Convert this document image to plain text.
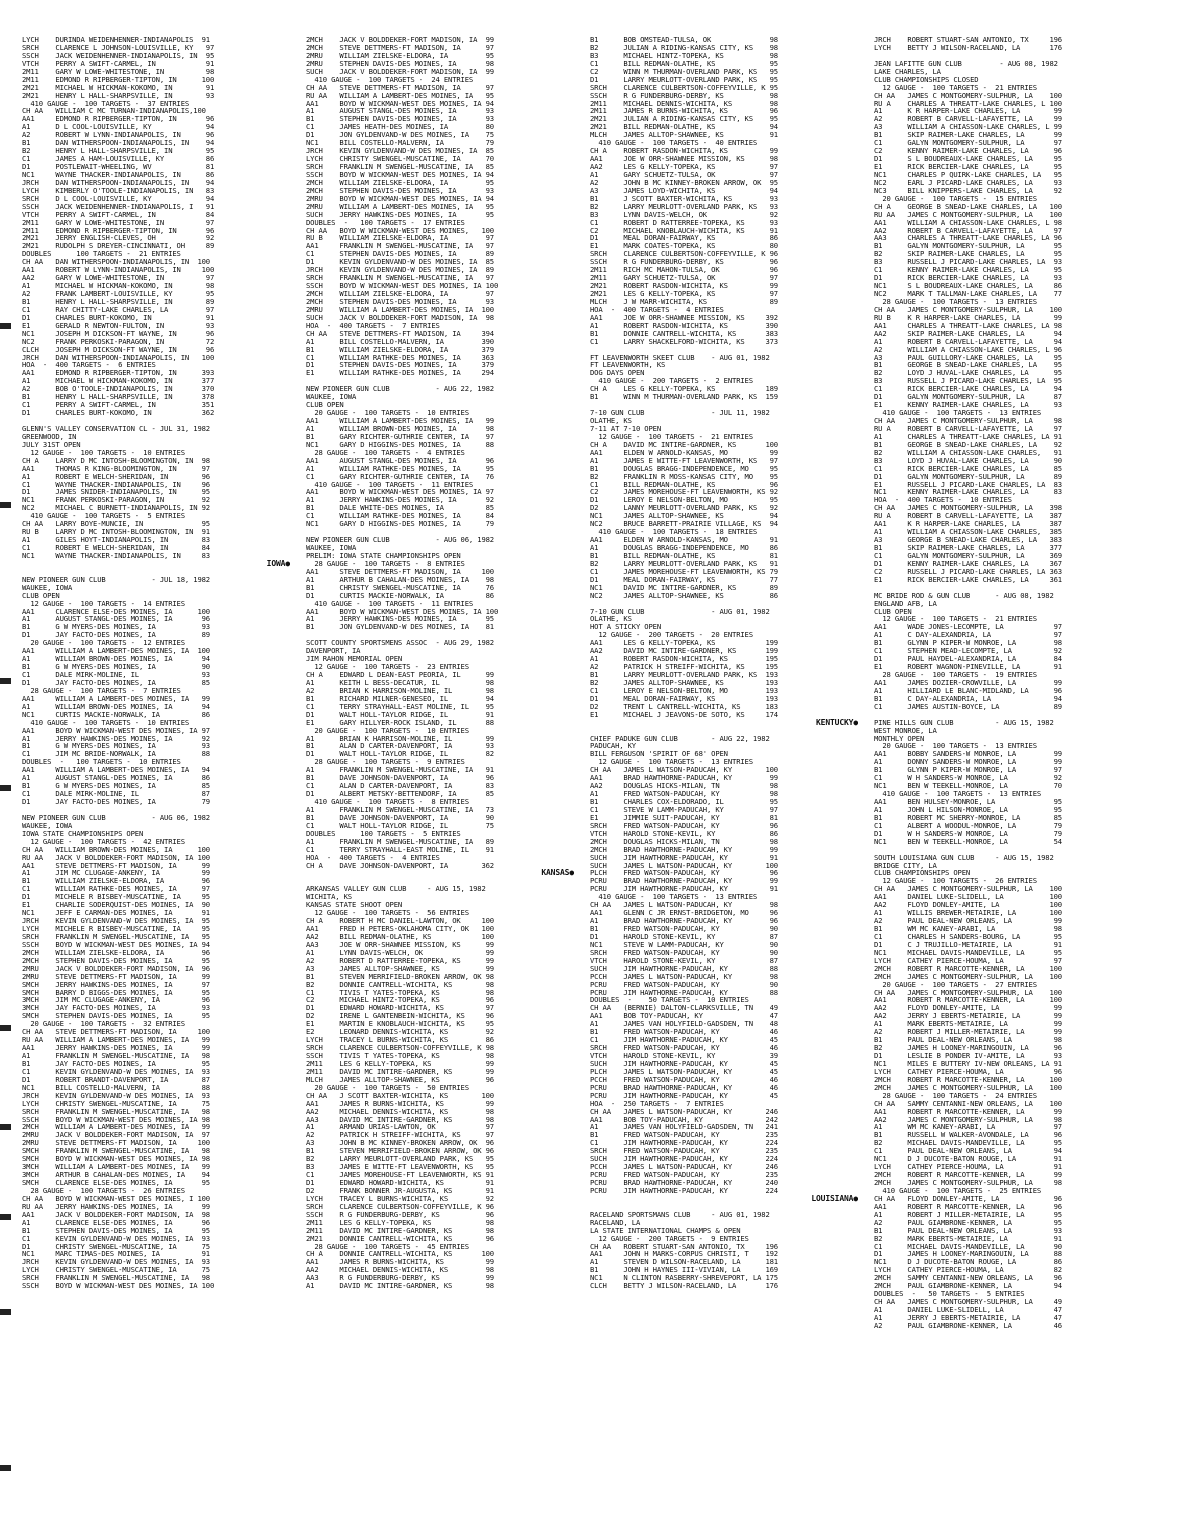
LYCH    DURINDA WEIDENHENNER-INDIANAPOLIS  91
SRCH    CLARENCE L JOHNSON-LOUISVILLE, KY   97
SSCH    JACK WEIDENHENNER-INDIANAPOLIS, IN  95
VTCH    PERRY A SWIFT-CARMEL, IN            91
2M11    GARY W LOWE-WHITESTONE, IN          98
2M11    EDMOND R RIPBERGER-TIPTON, IN      100
2M21    MICHAEL W HICKMAN-KOKOMO, IN        91
2M21    HENRY L HALL-SHARPSVILLE, IN        93
410 GAUGE -  100 TARGETS -  37 ENTRIES
CH AA   WILLIAM C MC TURNAN-INDIANAPOLIS,100
AA1     EDMOND R RIPBERGER-TIPTON, IN       96
A1      D L COOL-LOUISVILLE, KY             94
A2      ROBERT W LYNN-INDIANAPOLIS, IN      96
B1      DAN WITHERSPOON-INDIANAPOLIS, IN    94
B2      HENRY L HALL-SHARPSVILLE, IN        95
C1      JAMES A HAM-LOUISVILLE, KY          86
D1      POSTLEWAIT-WHEELING, WV             81
NC1     WAYNE THACKER-INDIANAPOLIS, IN      86
JRCH    DAN WITHERSPOON-INDIANAPOLIS, IN    94
LYCH    KIMBERLY O'TOOLE-INDIANAPOLIS, IN   83
SRCH    D L COOL-LOUISVILLE, KY             94
SSCH    JACK WEIDENHENNER-INDIANAPOLIS, I   91
VTCH    PERRY A SWIFT-CARMEL, IN            84
2M11    GARY W LOWE-WHITESTONE, IN          97
2M11    EDMOND R RIPBERGER-TIPTON, IN       96
2M21    JERRY ENGLISH-CLEVES, OH            92
2M21    RUDOLPH S DREYER-CINCINNATI, OH     89
DOUBLES      100 TARGETS -  21 ENTRIES
CH AA   DAN WITHERSPOON-INDIANAPOLIS, IN  100
AA1     ROBERT W LYNN-INDIANAPOLIS, IN     100
AA2     GARY W LOWE-WHITESTONE, IN          97
A1      MICHAEL W HICKMAN-KOKOMO, IN        98
A2      FRANK LAMBERT-LOUISVILLE, KY        95
B1      HENRY L HALL-SHARPSVILLE, IN        89
C1      RAY CHITTY-LAKE CHARLES, LA         97
D1      CHARLES BURT-KOKOMO, IN             91
E1      GERALD R NEWTON-FULTON, IN          93
NC1     JOSEPH M DICKSON-FT WAYNE, IN       96
NC2     FRANK PERKOSKI-PARAGON, IN          72
CLCH    JOSEPH M DICKSON-FT WAYNE, IN       96
JRCH    DAN WITHERSPOON-INDIANAPOLIS, IN   100
HOA  -  400 TARGETS -  6 ENTRIES
AA1     EDMOND R RIPBERGER-TIPTON, IN      393
A1      MICHAEL W HICKMAN-KOKOMO, IN       377
A2      BOB O'TOOLE-INDIANAPOLIS, IN       370
B1      HENRY L HALL-SHARPSVILLE, IN       378
C1      PERRY A SWIFT-CARMEL, IN           351
D1      CHARLES BURT-KOKOMO, IN            362
GLENN'S VALLEY CONSERVATION CL - JUL 31, 1982
GREENWOOD, IN
JULY 31ST OPEN
12 GAUGE -  100 TARGETS -  10 ENTRIES
CH A    LARRY D MC INTOSH-BLOOMINGTON, IN  98
AA1     THOMAS R KING-BLOOMINGTON, IN      97
A1      ROBERT E WELCH-SHERIDAN, IN        96
C1      WAYNE THACKER-INDIANAPOLIS, IN     96
D1      JAMES SNIDER-INDIANAPOLIS, IN      95
NC1     FRANK PERKOSKI-PARAGON, IN         92
NC2     MICHAEL C BURNETT-INDIANAPOLIS, IN 92
410 GAUGE -  100 TARGETS -  5 ENTRIES
CH AA   LARRY BOYE-MUNCIE, IN              95
RU B    LARRY D MC INTOSH-BLOOMINGTON, IN  91
A1      GILES HOYT-INDIANAPOLIS, IN        83
C1      ROBERT E WELCH-SHERIDAN, IN        84
NC1     WAYNE THACKER-INDIANAPOLIS, IN     83
IOWA●
NEW PIONEER GUN CLUB           - JUL 18, 1982
WAUKEE, IOWA
CLUB OPEN
12 GAUGE -  100 TARGETS -  14 ENTRIES
AA1     CLARENCE ELSE-DES MOINES, IA      100
A1      AUGUST STANGL-DES MOINES, IA       96
B1      G W MYERS-DES MOINES, IA           93
D1      JAY FACTO-DES MOINES, IA           89
20 GAUGE -  100 TARGETS -  12 ENTRIES
AA1     WILLIAM A LAMBERT-DES MOINES, IA  100
A1      WILLIAM BROWN-DES MOINES, IA       94
B1      G W MYERS-DES MOINES, IA           90
C1      DALE MIRK-MOLINE, IL               93
D1      JAY FACTO-DES MOINES, IA           85
28 GAUGE -  100 TARGETS -  7 ENTRIES
AA1     WILLIAM A LAMBERT-DES MOINES, IA   99
A1      WILLIAM BROWN-DES MOINES, IA       94
NC1     CURTIS MACKIE-NORWALK, IA          86
410 GAUGE -  100 TARGETS -  10 ENTRIES
AA1     BOYD W WICKMAN-WEST DES MOINES, IA 97
A1      JERRY HAWKINS-DES MOINES, IA       92
B1      G W MYERS-DES MOINES, IA           93
C1      JIM MC BRIDE-NORWALK, IA           88
DOUBLES  -   100 TARGETS -  10 ENTRIES
AA1     WILLIAM A LAMBERT-DES MOINES, IA   94
A1      AUGUST STANGL-DES MOINES, IA       86
B1      G W MYERS-DES MOINES, IA           85
C1      DALE MIRK-MOLINE, IL               87
D1      JAY FACTO-DES MOINES, IA           79
NEW PIONEER GUN CLUB           - AUG 06, 1982
WAUKEE, IOWA
IOWA STATE CHAMPIONSHIPS OPEN
12 GAUGE -  100 TARGETS -  42 ENTRIES
CH AA   WILLIAM BROWN-DES MOINES, IA      100
RU AA   JACK V BOLDDEKER-FORT MADISON, IA 100
AA1     STEVE DETTMERS-FT MADISON, IA      99
A1      JIM MC CLUGAGE-ANKENY, IA          99
B1      WILLIAM ZIELSKE-ELDORA, IA         96
C1      WILLIAM RATHKE-DES MOINES, IA      97
D1      MICHELE R BISBEY-MUSCATINE, IA     95
E1      CHARLIE SODERQUIST-DES MOINES, IA  90
NC1     JEFF E CARMAN-DES MOINES, IA       91
JRCH    KEVIN GYLDENVAND-W DES MOINES, IA  95
LYCH    MICHELE R BISBEY-MUSCATINE, IA     95
SRCH    FRANKLIN M SWENGEL-MUSCATINE, IA   95
SSCH    BOYD W WICKMAN-WEST DES MOINES, IA 94
2MCH    WILLIAM ZIELSKE-ELDORA, IA         96
2MCH    STEPHEN DAVIS-DES MOINES, IA       95
2MRU    JACK V BOLDDEKER-FORT MADISON, IA  96
2MRU    STEVE DETTMERS-FT MADISON, IA      99
SMCH    JERRY HAWKINS-DES MOINES, IA       97
SMCH    BARRY D BIGGS-DES MOINES, IA       95
3MCH    JIM MC CLUGAGE-ANKENY, IA          96
3MCH    JAY FACTO-DES MOINES, IA           93
SMCH    STEPHEN DAVIS-DES MOINES, IA       95
20 GAUGE -  100 TARGETS -  32 ENTRIES
CH AA   STEVE DETTMERS-FT MADISON, IA     100
RU AA   WILLIAM A LAMBERT-DES MOINES, IA   99
AA1     JERRY HAWKINS-DES MOINES, IA       99
A1      FRANKLIN M SWENGEL-MUSCATINE, IA   98
B1      JAY FACTO-DES MOINES, IA           95
C1      KEVIN GYLDENVAND-W DES MOINES, IA  93
D1      ROBERT BRANDT-DAVENPORT, IA        87
NC1     BILL COSTELLO-MALVERN, IA          88
JRCH    KEVIN GYLDENVAND-W DES MOINES, IA  93
LYCH    CHRISTY SWENGEL-MUSCATINE, IA      75
SRCH    FRANKLIN M SWENGEL-MUSCATINE, IA   98
SSCH    BOYD W WICKMAN-WEST DES MOINES, IA 98
2MCH    WILLIAM A LAMBERT-DES MOINES, IA   99
2MRU    JACK V BOLDDEKER-FORT MADISON, IA  97
2MRU    STEVE DETTMERS-FT MADISON, IA     100
SMCH    FRANKLIN M SWENGEL-MUSCATINE, IA   98
SMCH    BOYD W WICKMAN-WEST DES MOINES, IA 98
3MCH    WILLIAM A LAMBERT-DES MOINES, IA   99
3MCH    ARTHUR B CAHALAN-DES MOINES, IA    94
SMCH    CLARENCE ELSE-DES MOINES, IA       95
28 GAUGE -  100 TARGETS -  26 ENTRIES
CH AA   BOYD W WICKMAN-WEST DES MOINES, I 100
RU AA   JERRY HAWKINS-DES MOINES, IA       99
AA1     JACK V BOLDDEKER-FORT MADISON, IA  98
A1      CLARENCE ELSE-DES MOINES, IA       96
B1      STEPHEN DAVIS-DES MOINES, IA       95
C1      KEVIN GYLDENVAND-W DES MOINES, IA  93
D1      CHRISTY SWENGEL-MUSCATINE, IA      75
NC1     MARC TIMAS-DES MOINES, IA          91
JRCH    KEVIN GYLDENVAND-W DES MOINES, IA  93
LYCH    CHRISTY SWENGEL-MUSCATINE, IA      75
SRCH    FRANKLIN M SWENGEL-MUSCATINE, IA   98
SSCH    BOYD W WICKMAN-WEST DES MOINES, IA 100
2MCH    JACK V BOLDDEKER-FORT MADISON, IA  99
2MCH    STEVE DETTMERS-FT MADISON, IA      97
2MRU    WILLIAM ZIELSKE-ELDORA, IA         95
2MRU    STEPHEN DAVIS-DES MOINES, IA       98
SUCH    JACK V BOLDDEKER-FORT MADISON, IA  99
410 GAUGE -  100 TARGETS -  24 ENTRIES
CH AA   STEVE DETTMERS-FT MADISON, IA      97
RU AA   WILLIAM A LAMBERT-DES MOINES, IA   95
AA1     BOYD W WICKMAN-WEST DES MOINES, IA 94
A1      AUGUST STANGL-DES MOINES, IA       93
B1      STEPHEN DAVIS-DES MOINES, IA       93
C1      JAMES HEATH-DES MOINES, IA         80
D1      JON GYLDENVAND-W DES MOINES, IA    75
NC1     BILL COSTELLO-MALVERN, IA          79
JRCH    KEVIN GYLDENVAND-W DES MOINES, IA  85
LYCH    CHRISTY SWENGEL-MUSCATINE, IA      70
SRCH    FRANKLIN M SWENGEL-MUSCATINE, IA   85
SSCH    BOYD W WICKMAN-WEST DES MOINES, IA 94
2MCH    WILLIAM ZIELSKE-ELDORA, IA         95
2MCH    STEPHEN DAVIS-DES MOINES, IA       93
2MRU    BOYD W WICKMAN-WEST DES MOINES, IA 94
2MRU    WILLIAM A LAMBERT-DES MOINES, IA   95
SUCH    JERRY HAWKINS-DES MOINES, IA       95
DOUBLES  -   100 TARGETS -  17 ENTRIES
CH AA   BOYD W WICKMAN-WEST DES MOINES,   100
RU B    WILLIAM ZIELSKE-ELDORA, IA         97
AA1     FRANKLIN M SWENGEL-MUSCATINE, IA   97
C1      STEPHEN DAVIS-DES MOINES, IA       89
D1      KEVIN GYLDENVAND-W DES MOINES, IA  85
JRCH    KEVIN GYLDENVAND-W DES MOINES, IA  89
SRCH    FRANKLIN M SWENGEL-MUSCATINE, IA   97
SSCH    BOYD W WICKMAN-WEST DES MOINES, IA 100
2MCH    WILLIAM ZIELSKE-ELDORA, IA         97
2MCH    STEPHEN DAVIS-DES MOINES, IA       93
2MRU    WILLIAM A LAMBERT-DES MOINES, IA  100
SUCH    JACK V BOLDDEKER-FORT MADISON, IA  98
HOA  -  400 TARGETS -  7 ENTRIES
CH AA   STEVE DETTMERS-FT MADISON, IA     394
A1      BILL COSTELLO-MALVERN, IA         390
B1      WILLIAM ZIELSKE-ELDORA, IA        379
C1      WILLIAM RATHKE-DES MOINES, IA     363
D1      STEPHEN DAVIS-DES MOINES, IA      379
E1      WILLIAM RATHKE-DES MOINES, IA     294
NEW PIONEER GUN CLUB           - AUG 22, 1982
WAUKEE, IOWA
CLUB OPEN
20 GAUGE -  100 TARGETS -  10 ENTRIES
AA1     WILLIAM A LAMBERT-DES MOINES, IA   99
A1      WILLIAM BROWN-DES MOINES, IA       98
B1      GARY RICHTER-GUTHRIE CENTER, IA    97
NC1     GARY D HIGGINS-DES MOINES, IA      88
28 GAUGE -  100 TARGETS -  4 ENTRIES
AA1     AUGUST STANGL-DES MOINES, IA       96
A1      WILLIAM RATHKE-DES MOINES, IA      95
C1      GARY RICHTER-GUTHRIE CENTER, IA    76
410 GAUGE -  100 TARGETS -  11 ENTRIES
AA1     BOYD W WICKMAN-WEST DES MOINES, IA 97
A1      JERRY HAWKINS-DES MOINES, IA       92
B1      DALE WHITE-DES MOINES, IA          85
C1      WILLIAM RATHKE-DES MOINES, IA      84
NC1     GARY D HIGGINS-DES MOINES, IA      79
NEW PIONEER GUN CLUB           - AUG 06, 1982
WAUKEE, IOWA
PRELIM: IOWA STATE CHAMPIONSHIPS OPEN
28 GAUGE -  100 TARGETS -  8 ENTRIES
AA1     STEVE DETTMERS-FT MADISON, IA     100
A1      ARTHUR B CAHALAN-DES MOINES, IA    98
B1      CHRISTY SWENGEL-MUSCATINE, IA      76
D1      CURTIS MACKIE-NORWALK, IA          86
410 GAUGE -  100 TARGETS -  11 ENTRIES
AA1     BOYD W WICKMAN-WEST DES MOINES, IA 100
A1      JERRY HAWKINS-DES MOINES, IA       95
B1      JON GYLDENVAND-W DES MOINES, IA    81
SCOTT COUNTY SPORTSMENS ASSOC  - AUG 29, 1982
DAVENPORT, IA
JIM RAHON MEMORIAL OPEN
12 GAUGE -  100 TARGETS -  23 ENTRIES
CH A    EDWARD L DEAN-EAST PEORIA, IL      99
A1      KEITH L BESS-DECATUR, IL           98
A2      BRIAN K HARRISON-MOLINE, IL        98
B1      RICHARD MILNER-GENESEO, IL         94
C1      TERRY STRAYHALL-EAST MOLINE, IL    95
D1      WALT HOLL-TAYLOR RIDGE, IL         91
E1      GARY HILLYER-ROCK ISLAND, IL       88
20 GAUGE -  100 TARGETS -  10 ENTRIES
A1      BRIAN K HARRISON-MOLINE, IL        99
B1      ALAN D CARTER-DAVENPORT, IA        93
D1      WALT HOLL-TAYLOR RIDGE, IL         82
28 GAUGE -  100 TARGETS -  9 ENTRIES
A1      FRANKLIN M SWENGEL-MUSCATINE, IA   91
B1      DAVE JOHNSON-DAVENPORT, IA         96
C1      ALAN D CARTER-DAVENPORT, IA        83
D1      ALBERT METSKY-BETTENDORF, IA       85
410 GAUGE -  100 TARGETS -  8 ENTRIES
A1      FRANKLIN M SWENGEL-MUSCATINE, IA   73
B1      DAVE JOHNSON-DAVENPORT, IA         90
C1      WALT HOLL-TAYLOR RIDGE, IL         75
DOUBLES      100 TARGETS -  5 ENTRIES
A1      FRANKLIN M SWENGEL-MUSCATINE, IA   89
C1      TERRY STRAYHALL-EAST MOLINE, IL    91
HOA  -  400 TARGETS -  4 ENTRIES
CH A    DAVE JOHNSON-DAVENPORT, IA        362
KANSAS●
ARKANSAS VALLEY GUN CLUB     - AUG 15, 1982
WICHITA, KS
KANSAS STATE SHOOT OPEN
12 GAUGE -  100 TARGETS -  56 ENTRIES
CH A    ROBERT H MC DANIEL-LAWTON, OK     100
AA1     FRED H PETERS-OKLAHOMA CITY, OK   100
AA2     BILL REDMAN-OLATHE, KS            100
AA3     JOE W ORR-SHAWNEE MISSION, KS      99
A1      LYNN DAVIS-WELCH, OK               99
A2      ROBERT D RATTERREE-TOPEKA, KS      99
A3      JAMES ALLTOP-SHAWNEE, KS           99
B1      STEVEN MERRIFIELD-BROKEN ARROW, OK 98
B2      DONNIE CANTRELL-WICHITA, KS        98
C1      TIVIS T YATES-TOPEKA, KS           98
C2      MICHAEL HINTZ-TOPEKA, KS           96
D1      EDWARD HOWARD-WICHITA, KS          97
D2      IRENE L GANTENBEIN-WICHITA, KS     96
E1      MARTIN E KNOBLAUCH-WICHITA, KS     95
E2      LEONARD DENNIS-WICHITA, KS         92
LYCH    TRACEY L BURNS-WICHITA, KS         86
SRCH    CLARENCE CULBERTSON-COFFEYVILLE, K 98
SSCH    TIVIS T YATES-TOPEKA, KS           98
2M11    LES G KELLY-TOPEKA, KS             99
2M11    DAVID MC INTIRE-GARDNER, KS        99
MLCH    JAMES ALLTOP-SHAWNEE, KS           96
20 GAUGE -  100 TARGETS -  50 ENTRIES
CH AA   J SCOTT BAXTER-WICHITA, KS        100
AA1     JAMES R BURNS-WICHITA, KS          99
AA2     MICHAEL DENNIS-WICHITA, KS         98
AA3     DAVID MC INTIRE-GARDNER, KS        98
A1      ARMAND URIAS-LAWTON, OK            97
A2      PATRICK H STREIFF-WICHITA, KS      97
A3      JOHN B MC KINNEY-BROKEN ARROW, OK  96
B1      STEVEN MERRIFIELD-BROKEN ARROW, OK 96
B2      LARRY MEURLOTT-OVERLAND PARK, KS   95
B3      JAMES E WITTE-FT LEAVENWORTH, KS   95
C1      JAMES MOREHOUSE-FT LEAVENWORTH, KS 91
D1      EDWARD HOWARD-WICHITA, KS          91
D2      FRANK BONNER JR-AUGUSTA, KS        91
LYCH    TRACEY L BURNS-WICHITA, KS         92
SRCH    CLARENCE CULBERTSON-COFFEYVILLE, K 96
SSCH    R G FUNDERBURG-DERBY, KS           96
2M11    LES G KELLY-TOPEKA, KS             98
2M11    DAVID MC INTIRE-GARDNER, KS        98
2M21    DONNIE CANTRELL-WICHITA, KS        96
28 GAUGE -  100 TARGETS -  45 ENTRIES
CH A    DONNIE CANTRELL-WICHITA, KS       100
AA1     JAMES R BURNS-WICHITA, KS          99
AA2     MICHAEL DENNIS-WICHITA, KS         98
AA3     R G FUNDERBURG-DERBY, KS           99
A1      DAVID MC INTIRE-GARDNER, KS        98
B1      BOB OMSTEAD-TULSA, OK              98
B2      JULIAN A RIDING-KANSAS CITY, KS    98
B3      MICHAEL HINTZ-TOPEKA, KS           98
C1      BILL REDMAN-OLATHE, KS             95
C2      WINN M THURMAN-OVERLAND PARK, KS   95
D1      LARRY MEURLOTT-OVERLAND PARK, KS   95
SRCH    CLARENCE CULBERTSON-COFFEYVILLE, K 95
SSCH    R G FUNDERBURG-DERBY, KS           98
2M11    MICHAEL DENNIS-WICHITA, KS         98
2M11    JAMES R BURNS-WICHITA, KS          96
2M21    JULIAN A RIDING-KANSAS CITY, KS    95
2M21    BILL REDMAN-OLATHE, KS             94
MLCH    JAMES ALLTOP-SHAWNEE, KS           91
410 GAUGE -  100 TARGETS -  40 ENTRIES
CH A    ROBERT RASDON-WICHITA, KS          99
AA1     JOE W ORR-SHAWNEE MISSION, KS      98
AA2     LES G KELLY-TOPEKA, KS             97
A1      GARY SCHUETZ-TULSA, OK             97
A2      JOHN B MC KINNEY-BROKEN ARROW, OK  95
A3      JAMES LOYD-WICHITA, KS             94
B1      J SCOTT BAXTER-WICHITA, KS         93
B2      LARRY MEURLOTT-OVERLAND PARK, KS   93
B3      LYNN DAVIS-WELCH, OK               92
C1      ROBERT D RATTERREE-TOPEKA, KS      93
C2      MICHAEL KNOBLAUCH-WICHITA, KS      91
D1      MEAL DORAN-FAIRWAY, KS             86
E1      MARK COATES-TOPEKA, KS             80
SRCH    CLARENCE CULBERTSON-COFFEYVILLE, K 96
SSCH    R G FUNDERBURG-DERBY, KS           96
2M11    RICH MC MAHON-TULSA, OK            96
2M11    GARY SCHUETZ-TULSA, OK             97
2M21    ROBERT RASDON-WICHITA, KS          99
2M21    LES G KELLY-TOPEKA, KS             97
MLCH    J W MARR-WICHITA, KS               89
HOA  -  400 TARGETS -  4 ENTRIES
AA1     JOE W ORR-SHAWNEE MISSION, KS     392
A1      ROBERT RASDON-WICHITA, KS         390
B1      DONNIE CANTRELL-WICHITA, KS       383
C1      LARRY SHACKELFORD-WICHITA, KS     373
FT LEAVENWORTH SKEET CLUB    - AUG 01, 1982
FT LEAVENWORTH, KS
DOG DAYS OPEN
410 GAUGE -  200 TARGETS -  2 ENTRIES
CH A    LES G KELLY-TOPEKA, KS            189
B1      WINN M THURMAN-OVERLAND PARK, KS  159
7-10 GUN CLUB                - JUL 11, 1982
OLATHE, KS
7-11 AT 7-10 OPEN
12 GAUGE -  100 TARGETS -  21 ENTRIES
CH A    DAVID MC INTIRE-GARDNER, KS       100
AA1     ELDEN W ARNOLD-KANSAS, MO          99
A1      JAMES E WITTE-FT LEAVENWORTH, KS   97
B1      DOUGLAS BRAGG-INDEPENDENCE, MO     95
B2      FRANKLIN R MOSS-KANSAS CITY, MO    95
C1      BILL REDMAN-OLATHE, KS             96
C2      JAMES MOREHOUSE-FT LEAVENWORTH, KS 92
D1      LEROY E NELSON-BELTON, MO          95
D2      LANNY MEURLOTT-OVERLAND PARK, KS   92
NC1     JAMES ALLTOP-SHAWNEE, KS           94
NC2     BRUCE BARRETT-PRAIRIE VILLAGE, KS  94
410 GAUGE -  100 TARGETS -  18 ENTRIES
AA1     ELDEN W ARNOLD-KANSAS, MO          91
A1      DOUGLAS BRAGG-INDEPENDENCE, MO     86
B1      BILL REDMAN-OLATHE, KS             81
B2      LARRY MEURLOTT-OVERLAND PARK, KS   91
C1      JAMES MOREHOUSE-FT LEAVENWORTH, KS 79
D1      MEAL DORAN-FAIRWAY, KS             77
NC1     DAVID MC INTIRE-GARDNER, KS        89
NC2     JAMES ALLTOP-SHAWNEE, KS           86
7-10 GUN CLUB                - AUG 01, 1982
OLATHE, KS
HOT A STICKY OPEN
12 GAUGE -  200 TARGETS -  20 ENTRIES
AA1     LES G KELLY-TOPEKA, KS            199
AA2     DAVID MC INTIRE-GARDNER, KS       199
A1      ROBERT RASDON-WICHITA, KS         195
A2      PATRICK H STREIFF-WICHITA, KS     195
B1      LARRY MEURLOTT-OVERLAND PARK, KS  193
B2      JAMES ALLTOP-SHAWNEE, KS          193
C1      LEROY E NELSON-BELTON, MO         193
D1      MEAL DORAN-FAIRWAY, KS            193
D2      TRENT L CANTRELL-WICHITA, KS      183
E1      MICHAEL J JEAVONS-DE SOTO, KS     174
KENTUCKY●
CHIEF PADUKE GUN CLUB        - AUG 22, 1982
PADUCAH, KY
BILL FERGUSON 'SPIRIT OF 68' OPEN
12 GAUGE -  100 TARGETS -  13 ENTRIES
CH AA   JAMES L WATSON-PADUCAH, KY        100
AA1     BRAD HAWTHORNE-PADUCAH, KY         99
AA2     DOUGLAS HICKS-MILAN, TN            98
A1      FRED WATSON-PADUCAH, KY            98
B1      CHARLES COX-ELDORADO, IL           95
C1      STEVE W LAMM-PADUCAH, KY           97
E1      JIMMIE SUIT-PADUCAH, KY            81
SRCH    FRED WATSON-PADUCAH, KY            96
VTCH    HAROLD STONE-KEVIL, KY             86
2MCH    DOUGLAS HICKS-MILAN, TN            98
2MCH    BRAD HAWTHORNE-PADUCAH, KY         99
SUCH    JIM HAWTHORNE-PADUCAH, KY          91
SUCH    JAMES L WATSON-PADUCAH, KY        100
PLCH    FRED WATSON-PADUCAH, KY            96
PCRU    BRAD HAWTHORNE-PADUCAH, KY         99
PCRU    JIM HAWTHORNE-PADUCAH, KY          91
410 GAUGE -  100 TARGETS -  13 ENTRIES
CH AA   JAMES L WATSON-PADUCAH, KY         98
AA1     GLENN C JR ERNST-BRIDGETON, MO     96
A1      BRAD HAWTHORNE-PADUCAH, KY         96
B1      FRED WATSON-PADUCAH, KY            90
D1      HAROLD STONE-KEVIL, KY             87
NC1     STEVE W LAMM-PADUCAH, KY           90
SRCH    FRED WATSON-PADUCAH, KY            90
VTCH    HAROLD STONE-KEVIL, KY             87
SUCH    JIM HAWTHORNE-PADUCAH, KY          88
PCCH    JAMES L WATSON-PADUCAH, KY         98
PCRU    FRED WATSON-PADUCAH, KY            90
PCRU    JIM HAWTHORNE-PADUCAH, KY          88
DOUBLES  -    50 TARGETS -  10 ENTRIES
CH AA   (BERNIE) DALTON-CLARKSVILLE, TN    49
AA1     BOB TOY-PADUCAH, KY                47
A1      JAMES VAN HOLYFIELD-GADSDEN, TN    48
B1      FRED WATSON-PADUCAH, KY            46
C1      JIM HAWTHORNE-PADUCAH, KY          45
SRCH    FRED WATSON-PADUCAH, KY            46
VTCH    HAROLD STONE-KEVIL, KY             39
SUCH    JIM HAWTHORNE-PADUCAH, KY          45
PLCH    JAMES L WATSON-PADUCAH, KY         45
PCCH    FRED WATSON-PADUCAH, KY            46
PCRU    BRAD HAWTHORNE-PADUCAH, KY         46
PCRU    JIM HAWTHORNE-PADUCAH, KY          45
HOA  -  250 TARGETS -  7 ENTRIES
CH AA   JAMES L WATSON-PADUCAH, KY        246
AA1     BOB TOY-PADUCAH, KY               242
A1      JAMES VAN HOLYFIELD-GADSDEN, TN   241
B1      FRED WATSON-PADUCAH, KY           235
C1      JIM HAWTHORNE-PADUCAH, KY         224
SRCH    FRED WATSON-PADUCAH, KY           235
SUCH    JIM HAWTHORNE-PADUCAH, KY         224
PCCH    JAMES L WATSON-PADUCAH, KY        246
PCRU    FRED WATSON-PADUCAH, KY           235
PCRU    BRAD HAWTHORNE-PADUCAH, KY        240
PCRU    JIM HAWTHORNE-PADUCAH, KY         224
LOUISIANA●
RACELAND SPORTSMANS CLUB     - AUG 01, 1982
RACELAND, LA
LA STATE INTERNATIONAL CHAMPS & OPEN
12 GAUGE -  200 TARGETS -  9 ENTRIES
CH AA   ROBERT STUART-SAN ANTONIO, TX     196
AA1     JOHN H MARKS-CORPUS CHRISTI, T    192
A1      STEVEN D WILSON-RACELAND, LA      181
B1      JOHN H HAYNES III-VIVIAN, LA      169
NC1     N CLINTON RASBERRY-SHREVEPORT, LA 175
CLCH    BETTY J WILSON-RACELAND, LA       176
JRCH    ROBERT STUART-SAN ANTONIO, TX     196
LYCH    BETTY J WILSON-RACELAND, LA       176
JEAN LAFITTE GUN CLUB         - AUG 08, 1982
LAKE CHARLES, LA
CLUB CHAMPIONSHIPS CLOSED
12 GAUGE -  100 TARGETS -  21 ENTRIES
CH AA   JAMES C MONTGOMERY-SULPHUR, LA    100
RU A    CHARLES A THREATT-LAKE CHARLES, L 100
A1      K R HARPER-LAKE CHARLES, LA        99
A2      ROBERT B CARVELL-LAFAYETTE, LA     99
A3      WILLIAM A CHIASSON-LAKE CHARLES, L 99
B1      SKIP RAIMER-LAKE CHARLES, LA       99
C1      GALYN MONTGOMERY-SULPHUR, LA       97
C2      KENNY RAIMER-LAKE CHARLES, LA      96
D1      S L BOUDREAUX-LAKE CHARLES, LA     95
E1      RICK BERCIER-LAKE CHARLES, LA      95
NC1     CHARLES P QUIRK-LAKE CHARLES, LA   95
NC2     EARL J PICARD-LAKE CHARLES, LA     93
NC3     BILL KNIPPERS-LAKE CHARLES, LA     92
20 GAUGE -  100 TARGETS -  15 ENTRIES
CH A    GEORGE B SNEAD-LAKE CHARLES, LA   100
RU AA   JAMES C MONTGOMERY-SULPHUR, LA    100
AA1     WILLIAM A CHIASSON-LAKE CHARLES, L 98
AA2     ROBERT B CARVELL-LAFAYETTE, LA     97
AA3     CHARLES A THREATT-LAKE CHARLES, LA 96
B1      GALYN MONTGOMERY-SULPHUR, LA       95
B2      SKIP RAIMER-LAKE CHARLES, LA       95
B3      RUSSELL J PICARD-LAKE CHARLES, LA  93
C1      KENNY RAIMER-LAKE CHARLES, LA      95
D1      RICK BERCIER-LAKE CHARLES, LA      93
NC1     S L BOUDREAUX-LAKE CHARLES, LA     86
NC2     MARK T TALLMAN-LAKE CHARLES, LA    77
28 GAUGE -  100 TARGETS -  13 ENTRIES
CH AA   JAMES C MONTGOMERY-SULPHUR, LA    100
RU B    K R HARPER-LAKE CHARLES, LA        99
AA1     CHARLES A THREATT-LAKE CHARLES, LA 98
AA2     SKIP RAIMER-LAKE CHARLES, LA       94
A1      ROBERT B CARVELL-LAFAYETTE, LA     94
A2      WILLIAM A CHIASSON-LAKE CHARLES, L 96
A3      PAUL GUILLORY-LAKE CHARLES, LA     95
B1      GEORGE B SNEAD-LAKE CHARLES, LA    95
B2      LOYD J HUVAL-LAKE CHARLES, LA      95
B3      RUSSELL J PICARD-LAKE CHARLES, LA  95
C1      RICK BERCIER-LAKE CHARLES, LA      94
D1      GALYN MONTGOMERY-SULPHUR, LA       87
E1      KENNY RAIMER-LAKE CHARLES, LA      93
410 GAUGE -  100 TARGETS -  13 ENTRIES
CH AA   JAMES C MONTGOMERY-SULPHUR, LA     98
RU A    ROBERT B CARVELL-LAFAYETTE, LA     97
A1      CHARLES A THREATT-LAKE CHARLES, LA 91
B1      GEORGE B SNEAD-LAKE CHARLES, LA    92
B2      WILLIAM A CHIASSON-LAKE CHARLES,   91
B3      LOYD J HUVAL-LAKE CHARLES, LA      90
C1      RICK BERCIER-LAKE CHARLES, LA      85
D1      GALYN MONTGOMERY-SULPHUR, LA       89
E1      RUSSELL J PICARD-LAKE CHARLES, LA  83
NC1     KENNY RAIMER-LAKE CHARLES, LA      83
HOA  -  400 TARGETS -  10 ENTRIES
CH AA   JAMES C MONTGOMERY-SULPHUR, LA    398
RU A    ROBERT B CARVELL-LAFAYETTE, LA    387
AA1     K R HARPER-LAKE CHARLES, LA       387
A1      WILLIAM A CHIASSON-LAKE CHARLES,  385
A3      GEORGE B SNEAD-LAKE CHARLES, LA   383
B1      SKIP RAIMER-LAKE CHARLES, LA      377
C1      GALYN MONTGOMERY-SULPHUR, LA      369
D1      KENNY RAIMER-LAKE CHARLES, LA     367
C2      RUSSELL J PICARD-LAKE CHARLES, LA 363
E1      RICK BERCIER-LAKE CHARLES, LA     361
MC BRIDE ROD & GUN CLUB      - AUG 08, 1982
ENGLAND AFB, LA
CLUB OPEN
12 GAUGE -  100 TARGETS -  21 ENTRIES
AA1     WADE JONES-LECOMPTE, LA            97
A1      C DAY-ALEXANDRIA, LA               97
B1      GLYNN P KIPER-W MONROE, LA         98
C1      STEPHEN MEAD-LECOMPTE, LA          92
D1      PAUL HAYDEL-ALEXANDRIA, LA         84
E1      ROBERT WAGNON-PINEVILLE, LA        91
28 GAUGE -  100 TARGETS -  19 ENTRIES
AA1     JAMES DOZIER-CROWVILLE, LA         99
A1      HILLIARD LE BLANC-MIDLAND, LA      96
B1      C DAY-ALEXANDRIA, LA               94
C1      JAMES AUSTIN-BOYCE, LA             89
PINE HILLS GUN CLUB          - AUG 15, 1982
WEST MONROE, LA
MONTHLY OPEN
20 GAUGE -  100 TARGETS -  13 ENTRIES
AA1     BOBBY SANDERS-W MONROE, LA         99
A1      DONNY SANDERS-W MONROE, LA         99
B1      GLYNN P KIPER-W MONROE, LA         97
C1      W H SANDERS-W MONROE, LA           92
NC1     BEN W TEEKELL-MONROE, LA           70
410 GAUGE -  100 TARGETS -  13 ENTRIES
AA1     BEN HULSEY-MONROE, LA              95
A1      JOHN L HILSON-MONROE, LA           95
B1      ROBERT MC SHERRY-MONROE, LA        85
C1      ALBERT A WOODUL-MONROE, LA         79
D1      W H SANDERS-W MONROE, LA           79
NC1     BEN W TEEKELL-MONROE, LA           54
SOUTH LOUISIANA GUN CLUB     - AUG 15, 1982
BRIDGE CITY, LA
CLUB CHAMPIONSHIPS OPEN
12 GAUGE -  100 TARGETS -  26 ENTRIES
CH AA   JAMES C MONTGOMERY-SULPHUR, LA    100
AA1     DANIEL LUKE-SLIDELL, LA           100
AA2     FLOYD DONLEY-AMITE, LA            100
A1      WILLIS BREWER-METAIRIE, LA        100
A2      PAUL DEAL-NEW ORLEANS, LA          99
B1      WM MC KANEY-ARABI, LA              98
C1      CHARLES H SANDERS-BOURG, LA        95
D1      C J TRUJILLO-METAIRIE, LA          91
NC1     MICHAEL DAVIS-MANDEVILLE, LA       95
LYCH    CATHEY PIERCE-HOUMA, LA            97
2MCH    ROBERT R MARCOTTE-KENNER, LA      100
2MCH    JAMES C MONTGOMERY-SULPHUR, LA    100
20 GAUGE -  100 TARGETS -  27 ENTRIES
CH AA   JAMES C MONTGOMERY-SULPHUR, LA    100
AA1     ROBERT R MARCOTTE-KENNER, LA      100
AA2     FLOYD DONLEY-AMITE, LA             99
AA2     JERRY J EBERTS-METAIRIE, LA        99
A1      MARK EBERTS-METAIRIE, LA           99
A2      ROBERT J MILLER-METAIRIE, LA       99
B1      PAUL DEAL-NEW ORLEANS, LA          98
B2      JAMES H LOONEY-MARINGOUIN, LA      96
D1      LESLIE B PONDER IV-AMITE, LA       93
NC1     MILES E BUTTERY IV-NEW ORLEANS, LA 91
LYCH    CATHEY PIERCE-HOUMA, LA            96
2MCH    ROBERT R MARCOTTE-KENNER, LA      100
2MCH    JAMES C MONTGOMERY-SULPHUR, LA    100
28 GAUGE -  100 TARGETS -  24 ENTRIES
CH AA   SAMMY CENTANNI-NEW ORLEANS, LA    100
AA1     ROBERT R MARCOTTE-KENNER, LA       99
AA2     JAMES C MONTGOMERY-SULPHUR, LA     98
A1      WM MC KANEY-ARABI, LA              97
B1      RUSSELL W WALKER-AVONDALE, LA      96
B2      MICHAEL DAVIS-MANDEVILLE, LA       95
C1      PAUL DEAL-NEW ORLEANS, LA          94
NC1     D J DUCOTE-BATON ROUGE, LA         91
LYCH    CATHEY PIERCE-HOUMA, LA            91
2MCH    ROBERT R MARCOTTE-KENNER, LA       99
2MCH    JAMES C MONTGOMERY-SULPHUR, LA     98
410 GAUGE -  100 TARGETS -  25 ENTRIES
CH AA   FLOYD DONLEY-AMITE, LA             96
AA1     ROBERT R MARCOTTE-KENNER, LA       96
A1      ROBERT J MILLER-METAIRIE, LA       95
A2      PAUL GIAMBRONE-KENNER, LA          95
B1      PAUL DEAL-NEW ORLEANS, LA          93
B2      MARK EBERTS-METAIRIE, LA           91
C1      MICHAEL DAVIS-MANDEVILLE, LA       90
D1      JAMES H LOONEY-MARINGOUIN, LA      88
NC1     D J DUCOTE-BATON ROUGE, LA         86
LYCH    CATHEY PIERCE-HOUMA, LA            82
2MCH    SAMMY CENTANNI-NEW ORLEANS, LA     96
2MCH    PAUL GIAMBRONE-KENNER, LA          94
DOUBLES  -   50 TARGETS -  5 ENTRIES
CH AA   JAMES C MONTGOMERY-SULPHUR, LA     49
A1      DANIEL LUKE-SLIDELL, LA            47
A1      JERRY J EBERTS-METAIRIE, LA        47
A2      PAUL GIAMBRONE-KENNER, LA          46
